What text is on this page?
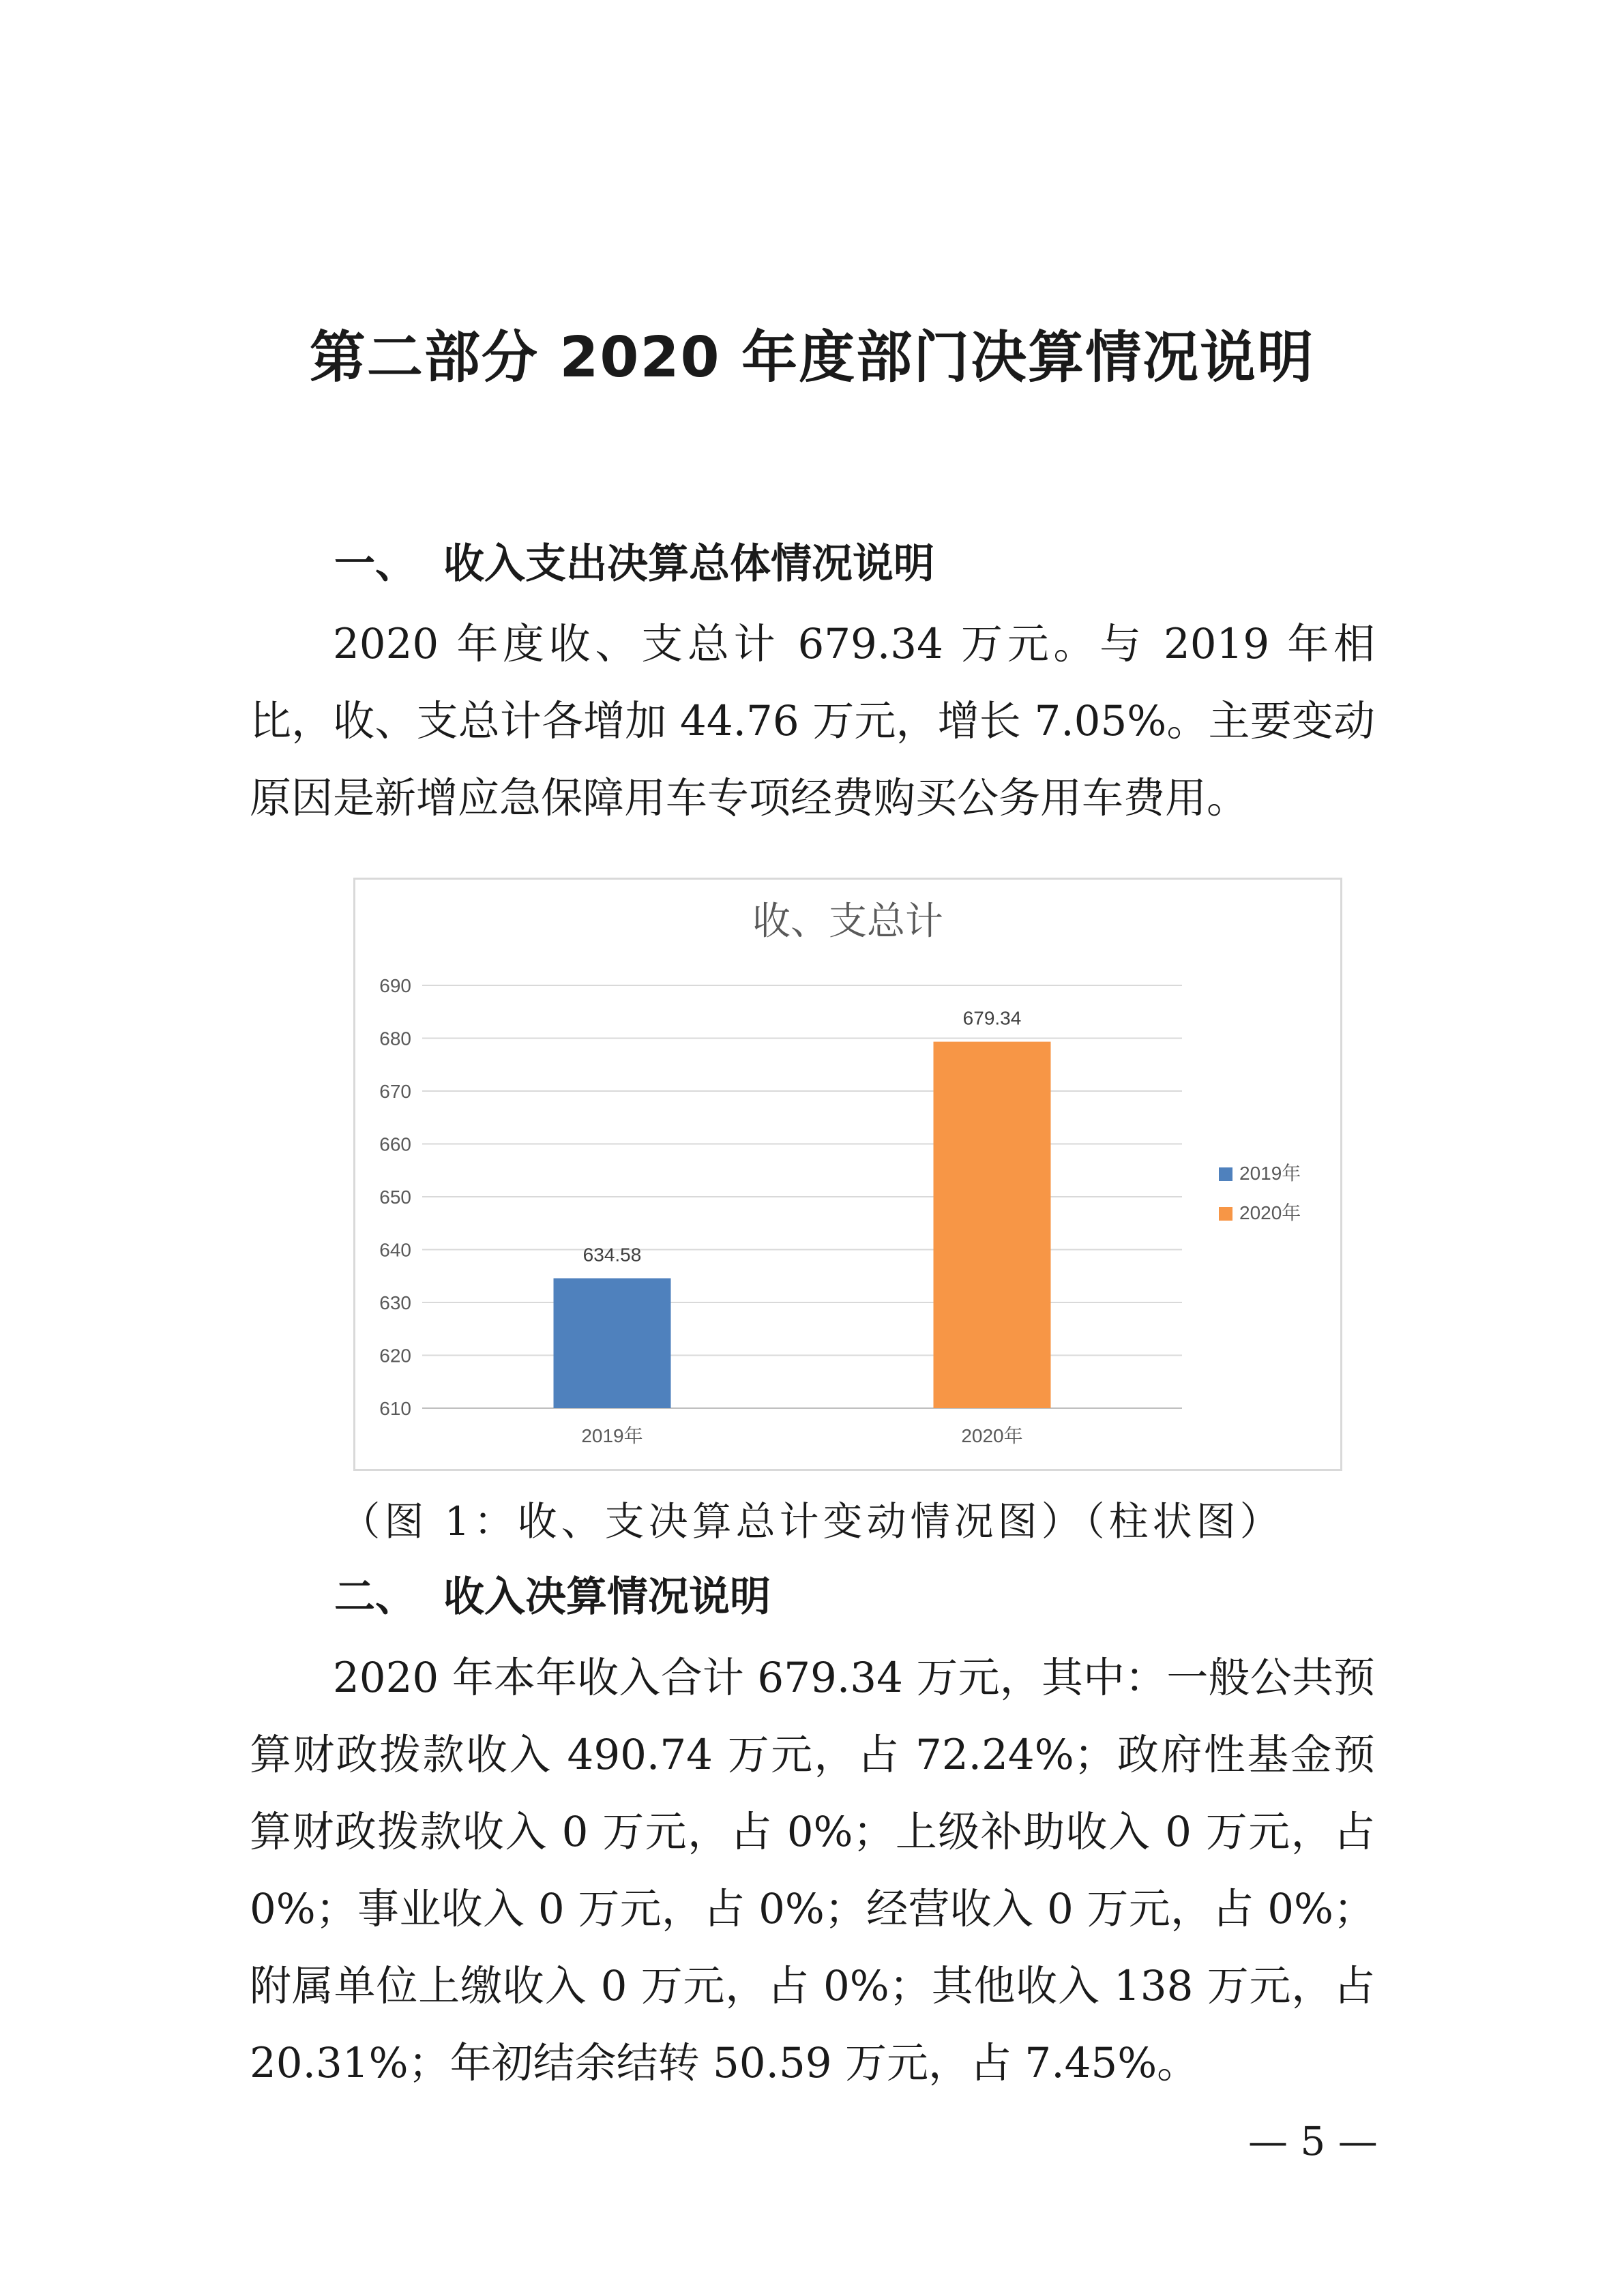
第二部分 2020 年度部门决算情况说明
一、 收入支出决算总体情况说明

2020 年度收、支总计 679.34 万元。与 2019 年相比，收、支总计各增加 44.76 万元，增长 7.05%。主要变动原因是新增应急保障用车专项经费购买公务用车费用。

收、支总计
610
620
630
640
650
660
670
680
690
634.58
2019年
679.34
2020年
2019年
2020年

（图 1：收、支决算总计变动情况图）（柱状图）

二、 收入决算情况说明

2020 年本年收入合计 679.34 万元，其中：一般公共预算财政拨款收入 490.74 万元，占 72.24%；政府性基金预算财政拨款收入 0 万元，占 0%；上级补助收入 0 万元，占 0%；事业收入 0 万元，占 0%；经营收入 0 万元，占 0%；附属单位上缴收入 0 万元，占 0%；其他收入 138 万元，占 20.31%；年初结余结转 50.59 万元，占 7.45%。

— 5 —
